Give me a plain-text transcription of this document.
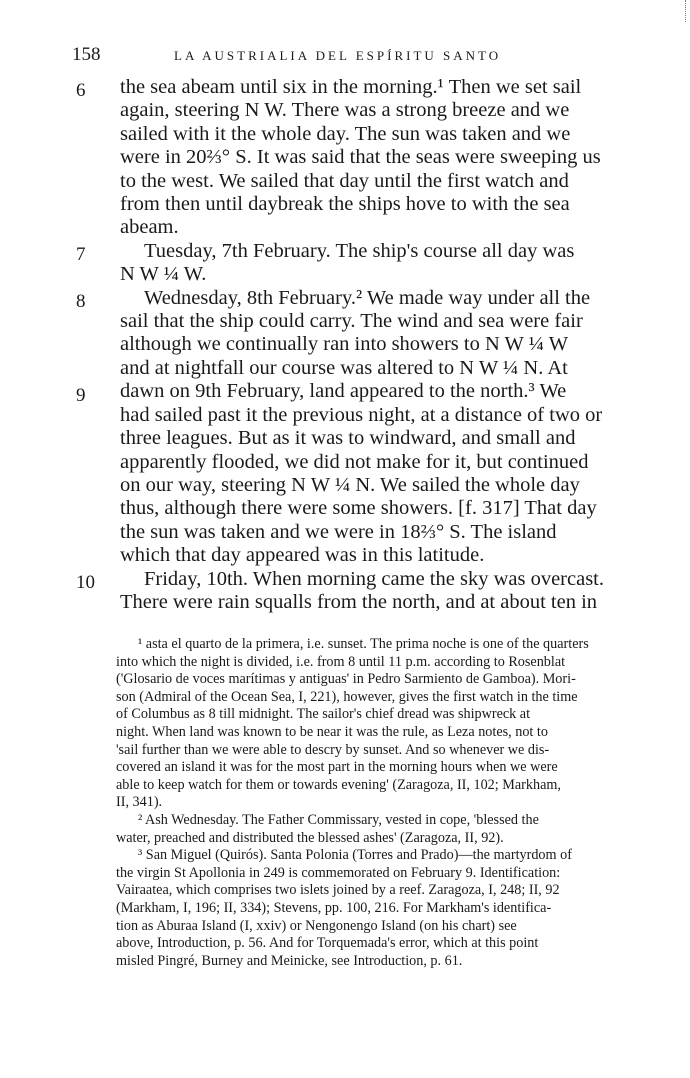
158	LA AUSTRIALIA DEL ESPÍRITU SANTO
6
7
8
9
10
the sea abeam until six in the morning.¹ Then we set sail
again, steering N W. There was a strong breeze and we
sailed with it the whole day. The sun was taken and we
were in 20⅔° S. It was said that the seas were sweeping us
to the west. We sailed that day until the first watch and
from then until daybreak the ships hove to with the sea
abeam.
Tuesday, 7th February. The ship's course all day was
N W ¼ W.
Wednesday, 8th February.² We made way under all the
sail that the ship could carry. The wind and sea were fair
although we continually ran into showers to N W ¼ W
and at nightfall our course was altered to N W ¼ N. At
dawn on 9th February, land appeared to the north.³ We
had sailed past it the previous night, at a distance of two or
three leagues. But as it was to windward, and small and
apparently flooded, we did not make for it, but continued
on our way, steering N W ¼ N. We sailed the whole day
thus, although there were some showers. [f. 317] That day
the sun was taken and we were in 18⅔° S. The island
which that day appeared was in this latitude.
Friday, 10th. When morning came the sky was overcast.
There were rain squalls from the north, and at about ten in
¹ asta el quarto de la primera, i.e. sunset. The prima noche is one of the quarters
into which the night is divided, i.e. from 8 until 11 p.m. according to Rosenblat
('Glosario de voces marítimas y antiguas' in Pedro Sarmiento de Gamboa). Mori-
son (Admiral of the Ocean Sea, I, 221), however, gives the first watch in the time
of Columbus as 8 till midnight. The sailor's chief dread was shipwreck at
night. When land was known to be near it was the rule, as Leza notes, not to
'sail further than we were able to descry by sunset. And so whenever we dis-
covered an island it was for the most part in the morning hours when we were
able to keep watch for them or towards evening' (Zaragoza, II, 102; Markham,
II, 341).
² Ash Wednesday. The Father Commissary, vested in cope, 'blessed the
water, preached and distributed the blessed ashes' (Zaragoza, II, 92).
³ San Miguel (Quirós). Santa Polonia (Torres and Prado)—the martyrdom of
the virgin St Apollonia in 249 is commemorated on February 9. Identification:
Vairaatea, which comprises two islets joined by a reef. Zaragoza, I, 248; II, 92
(Markham, I, 196; II, 334); Stevens, pp. 100, 216. For Markham's identifica-
tion as Aburaa Island (I, xxiv) or Nengonengo Island (on his chart) see
above, Introduction, p. 56. And for Torquemada's error, which at this point
misled Pingré, Burney and Meinicke, see Introduction, p. 61.
